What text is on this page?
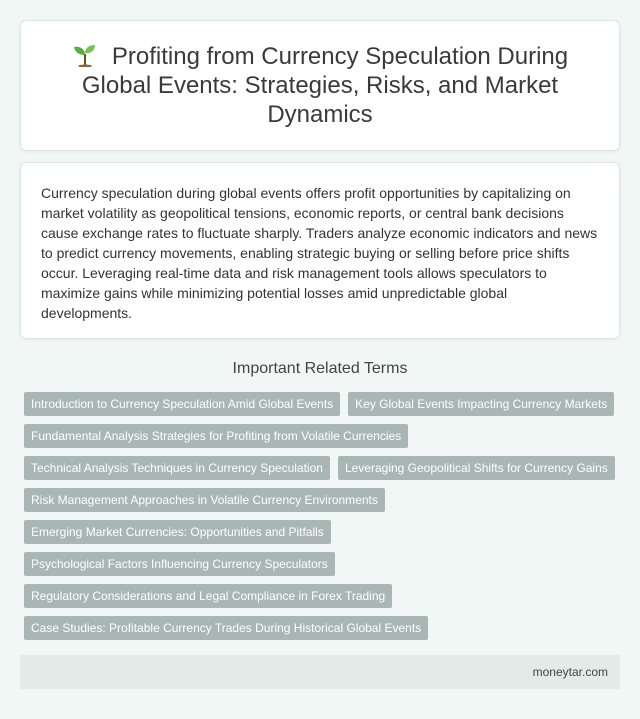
Profiting from Currency Speculation During Global Events: Strategies, Risks, and Market Dynamics

Currency speculation during global events offers profit opportunities by capitalizing on market volatility as geopolitical tensions, economic reports, or central bank decisions cause exchange rates to fluctuate sharply. Traders analyze economic indicators and news to predict currency movements, enabling strategic buying or selling before price shifts occur. Leveraging real-time data and risk management tools allows speculators to maximize gains while minimizing potential losses amid unpredictable global developments.

Important Related Terms
Introduction to Currency Speculation Amid Global Events	Key Global Events Impacting Currency Markets
Fundamental Analysis Strategies for Profiting from Volatile Currencies
Technical Analysis Techniques in Currency Speculation	Leveraging Geopolitical Shifts for Currency Gains
Risk Management Approaches in Volatile Currency Environments
Emerging Market Currencies: Opportunities and Pitfalls
Psychological Factors Influencing Currency Speculators
Regulatory Considerations and Legal Compliance in Forex Trading
Case Studies: Profitable Currency Trades During Historical Global Events
moneytar.com
